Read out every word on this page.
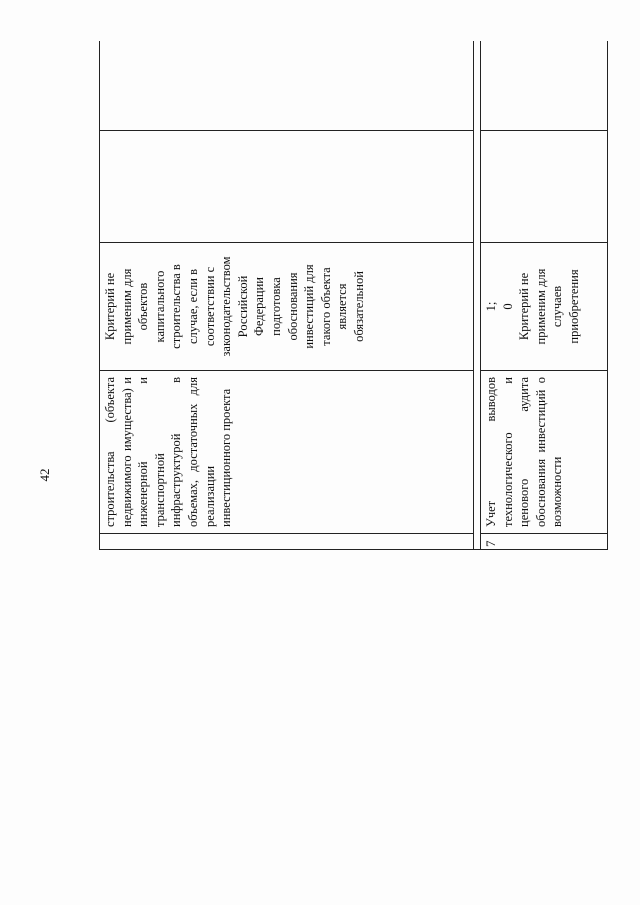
42	строительства (объекта недвижимого имущества) и инженерной и транспортной инфраструктурой в объемах, достаточных для реализации инвестиционного проекта
Критерий не применим для объектов капитального строительства в случае, если в соответствии с законодательством Российской Федерации подготовка обоснования инвестиций для такого объекта является обязательной
7
Учет выводов технологического и ценового аудита обоснования инвестиций о возможности
1;
0
Критерий не применим для случаев приобретения
